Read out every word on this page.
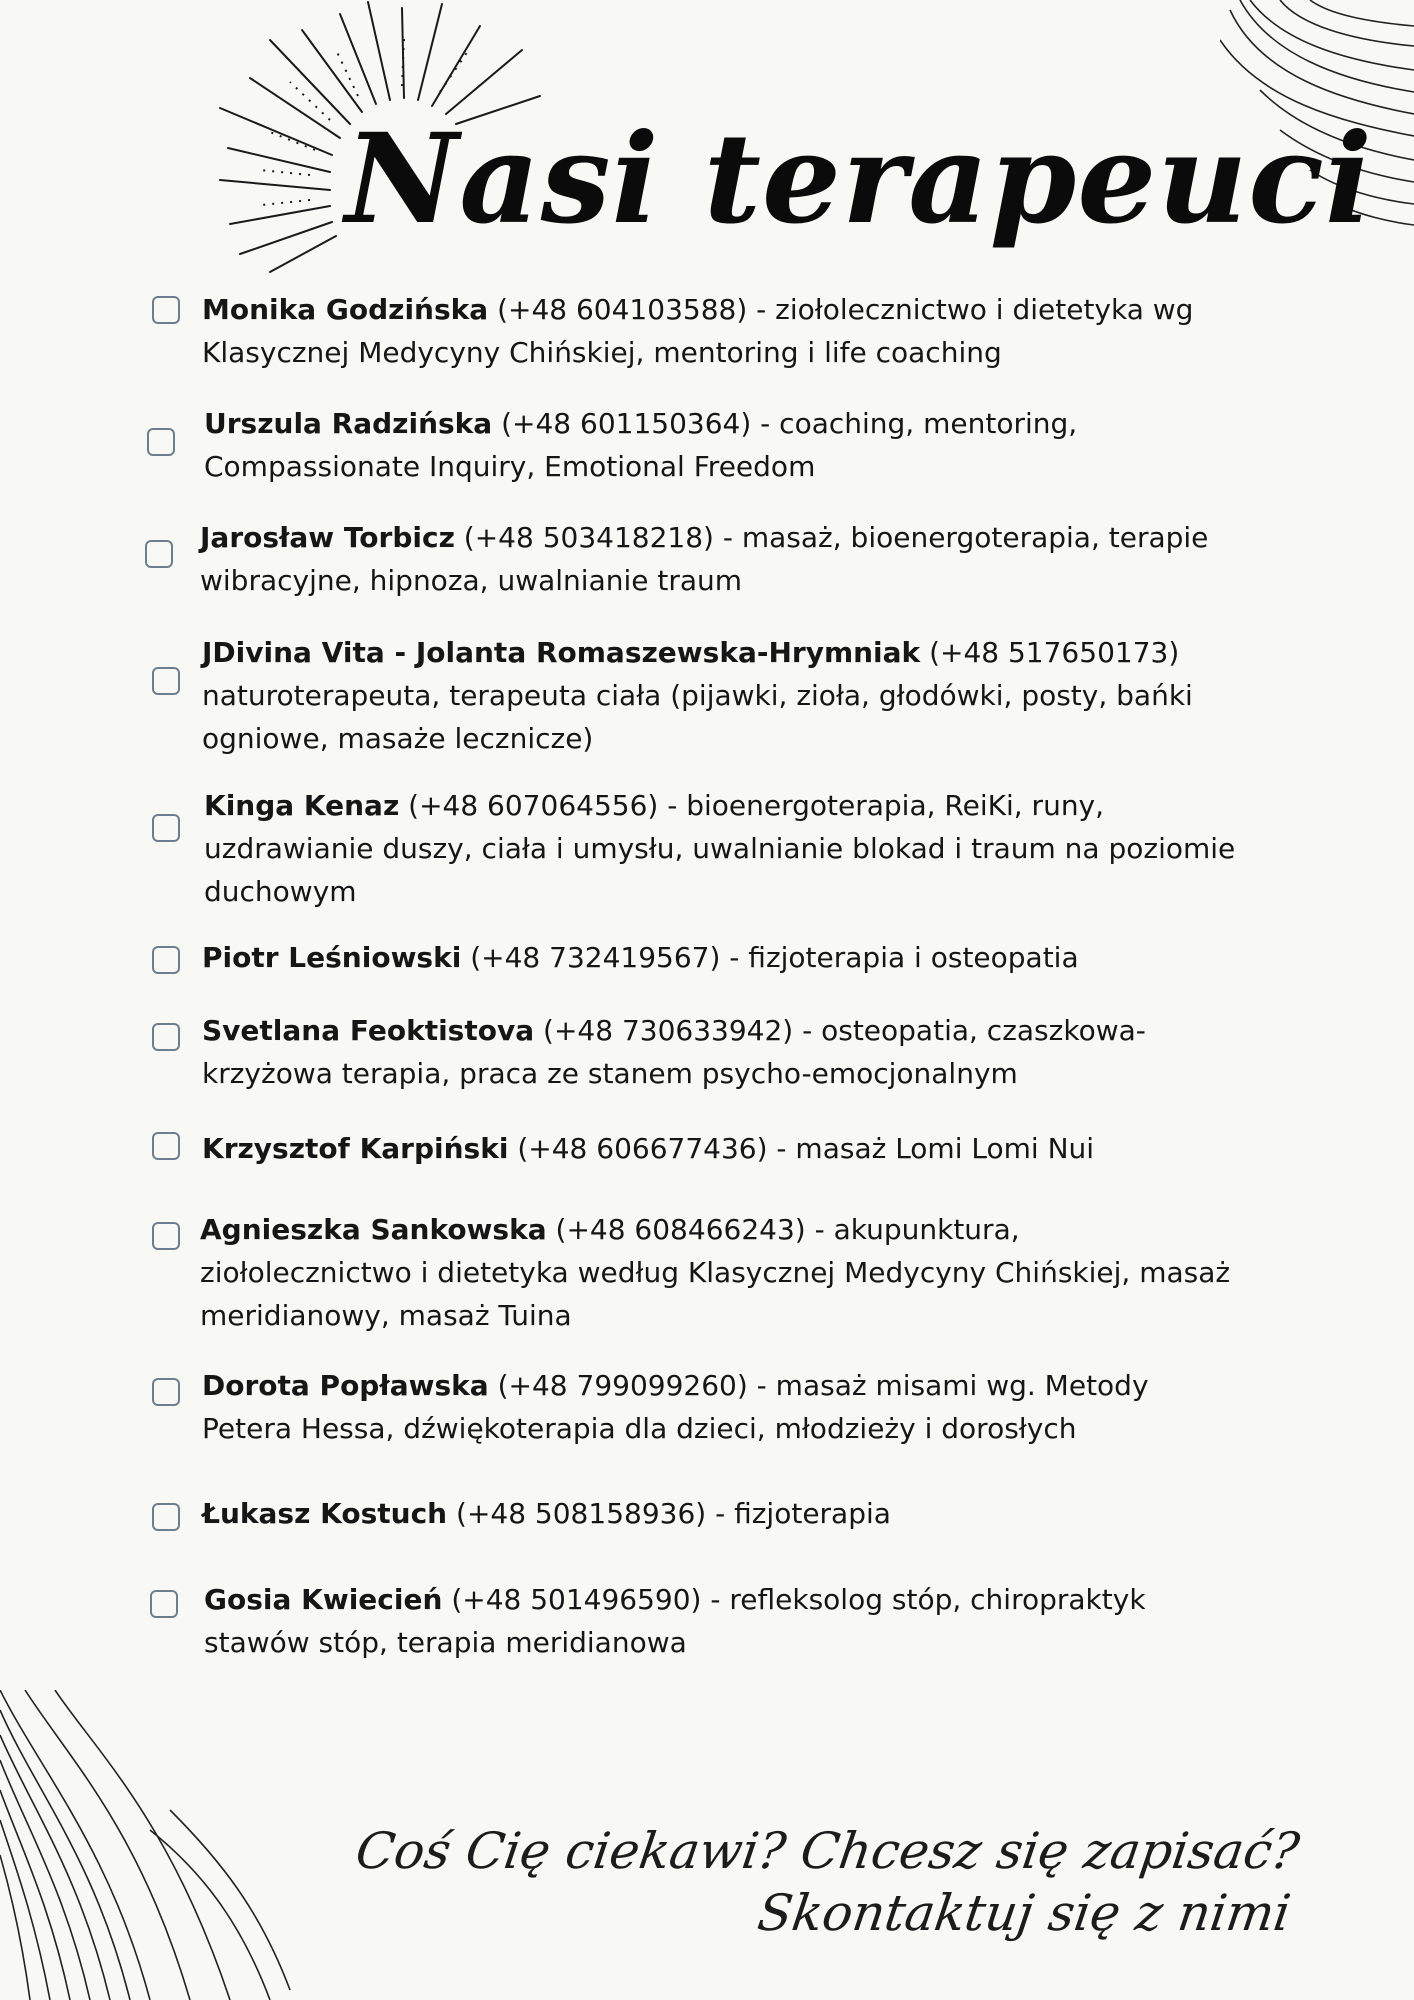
Nasi terapeuci
Monika Godzińska (+48 604103588) - ziołolecznictwo i dietetyka wg Klasycznej Medycyny Chińskiej, mentoring i life coaching
Urszula Radzińska (+48 601150364) - coaching, mentoring, Compassionate Inquiry, Emotional Freedom
Jarosław Torbicz (+48 503418218) - masaż, bioenergoterapia, terapie wibracyjne, hipnoza, uwalnianie traum
JDivina Vita - Jolanta Romaszewska-Hrymniak (+48 517650173) naturoterapeuta, terapeuta ciała (pijawki, zioła, głodówki, posty, bańki ogniowe, masaże lecznicze)
Kinga Kenaz (+48 607064556) - bioenergoterapia, ReiKi, runy, uzdrawianie duszy, ciała i umysłu, uwalnianie blokad i traum na poziomie duchowym
Piotr Leśniowski (+48 732419567) - fizjoterapia i osteopatia
Svetlana Feoktistova (+48 730633942) - osteopatia, czaszkowa-krzyżowa terapia, praca ze stanem psycho-emocjonalnym
Krzysztof Karpiński (+48 606677436) - masaż Lomi Lomi Nui
Agnieszka Sankowska (+48 608466243) - akupunktura, ziołolecznictwo i dietetyka według Klasycznej Medycyny Chińskiej, masaż meridianowy, masaż Tuina
Dorota Popławska (+48 799099260) - masaż misami wg. Metody Petera Hessa, dźwiękoterapia dla dzieci, młodzieży i dorosłych
Łukasz Kostuch (+48 508158936) - fizjoterapia
Gosia Kwiecień (+48 501496590) - refleksolog stóp, chiropraktyk stawów stóp, terapia meridianowa
Coś Cię ciekawi? Chcesz się zapisać?
Skontaktuj się z nimi
